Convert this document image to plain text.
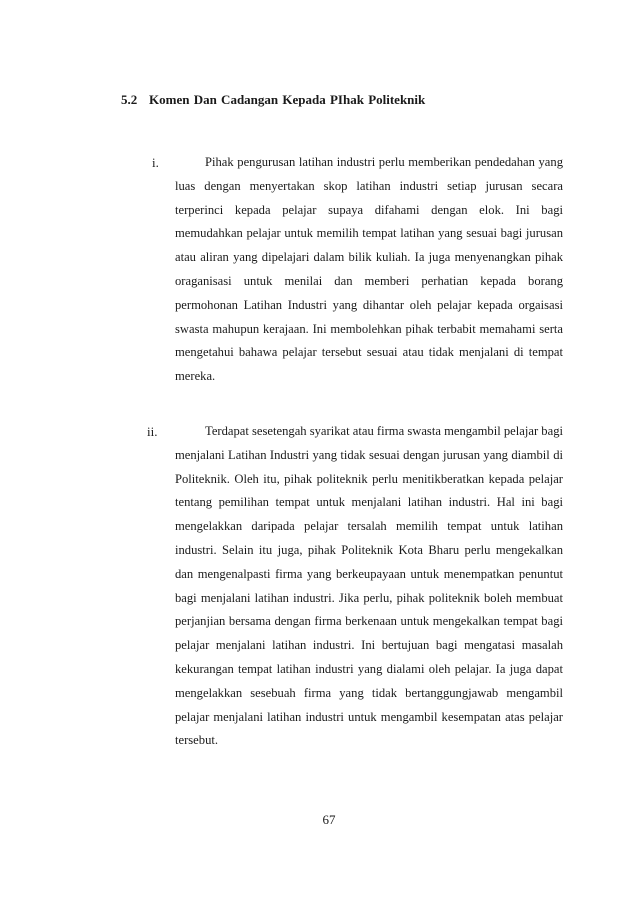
5.2 Komen Dan Cadangan Kepada PIhak Politeknik
i.	Pihak pengurusan latihan industri perlu memberikan pendedahan yang luas dengan menyertakan skop latihan industri setiap jurusan secara terperinci kepada pelajar supaya difahami dengan elok. Ini bagi memudahkan pelajar untuk memilih tempat latihan yang sesuai bagi jurusan atau aliran yang dipelajari dalam bilik kuliah. Ia juga menyenangkan pihak oraganisasi untuk menilai dan memberi perhatian kepada borang permohonan Latihan Industri yang dihantar oleh pelajar kepada orgaisasi swasta mahupun kerajaan. Ini membolehkan pihak terbabit memahami serta mengetahui bahawa pelajar tersebut sesuai atau tidak menjalani di tempat mereka.
ii.	Terdapat sesetengah syarikat atau firma swasta mengambil pelajar bagi menjalani Latihan Industri yang tidak sesuai dengan jurusan yang diambil di Politeknik. Oleh itu, pihak politeknik perlu menitikberatkan kepada pelajar tentang pemilihan tempat untuk menjalani latihan industri. Hal ini bagi mengelakkan daripada pelajar tersalah memilih tempat untuk latihan industri. Selain itu juga, pihak Politeknik Kota Bharu perlu mengekalkan dan mengenalpasti firma yang berkeupayaan untuk menempatkan penuntut bagi menjalani latihan industri. Jika perlu, pihak politeknik boleh membuat perjanjian bersama dengan firma berkenaan untuk mengekalkan tempat bagi pelajar menjalani latihan industri. Ini bertujuan bagi mengatasi masalah kekurangan tempat latihan industri yang dialami oleh pelajar. Ia juga dapat mengelakkan sesebuah firma yang tidak bertanggungjawab mengambil pelajar menjalani latihan industri untuk mengambil kesempatan atas pelajar tersebut.
67
